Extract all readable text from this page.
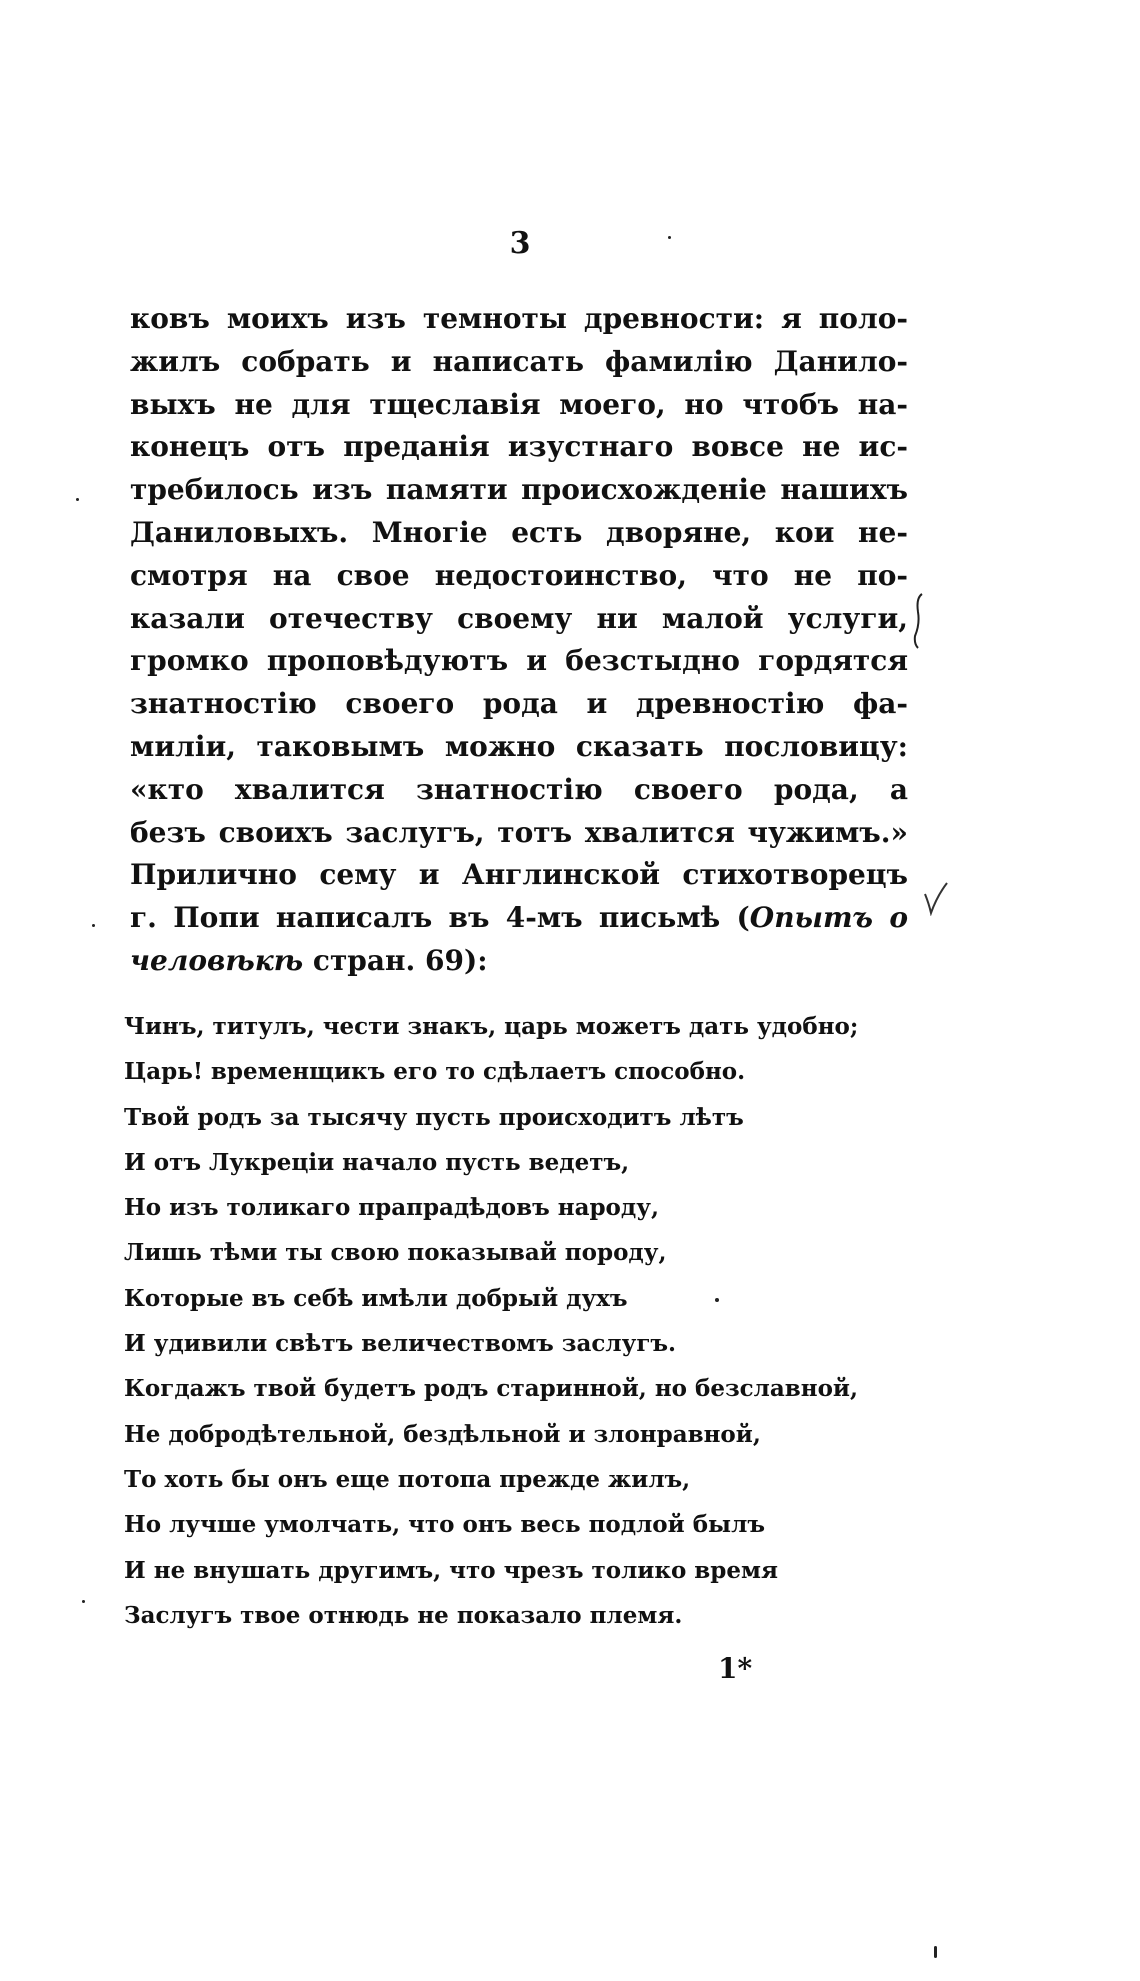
3
ковъ моихъ изъ темноты древности: я поло-
жилъ собрать и написать фамилію Данило-
выхъ не для тщеславія моего, но чтобъ на-
конецъ отъ преданія изустнаго вовсе не ис-
требилось изъ памяти происхожденіе нашихъ
Даниловыхъ. Многіе есть дворяне, кои не-
смотря на свое недостоинство, что не по-
казали отечеству своему ни малой услуги,
громко проповѣдуютъ и безстыдно гордятся
знатностію своего рода и древностію фа-
миліи, таковымъ можно сказать пословицу:
«кто хвалится знатностію своего рода, а
безъ своихъ заслугъ, тотъ хвалится чужимъ.»
Прилично сему и Англинской стихотворецъ
г. Попи написалъ въ 4-мъ письмѣ (Опытъ о
человѣкѣ стран. 69):
Чинъ, титулъ, чести знакъ, царь можетъ дать удобно;
Царь! временщикъ его то сдѣлаетъ способно.
Твой родъ за тысячу пусть происходитъ лѣтъ
И отъ Лукреціи начало пусть ведетъ,
Но изъ толикаго прапрадѣдовъ народу,
Лишь тѣми ты свою показывай породу,
Которые въ себѣ имѣли добрый духъ
И удивили свѣтъ величествомъ заслугъ.
Когдажъ твой будетъ родъ старинной, но безславной,
Не добродѣтельной, бездѣльной и злонравной,
То хоть бы онъ еще потопа прежде жилъ,
Но лучше умолчать, что онъ весь подлой былъ
И не внушать другимъ, что чрезъ толико время
Заслугъ твое отнюдь не показало племя.
1*
